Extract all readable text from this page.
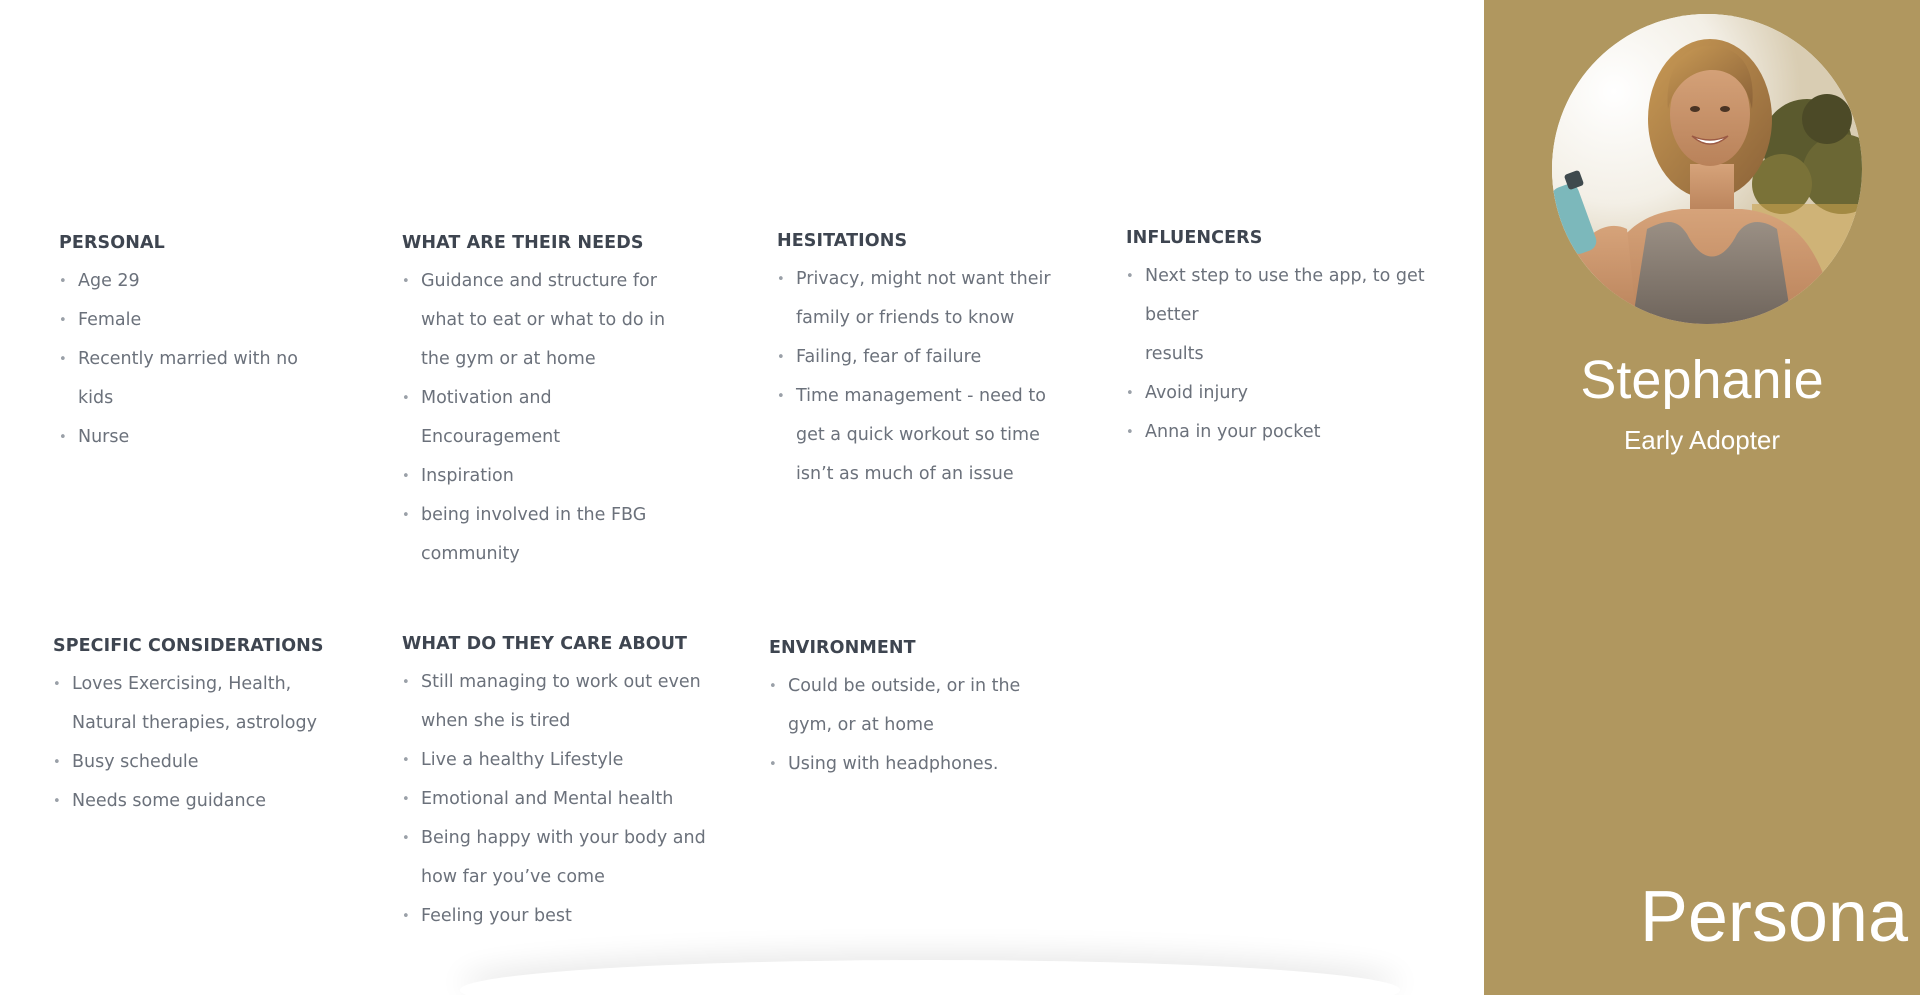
PERSONAL
• Age 29
• Female
• Recently married with no
kids
• Nurse
WHAT ARE THEIR NEEDS
• Guidance and structure for
what to eat or what to do in
the gym or at home
• Motivation and
Encouragement
• Inspiration
• being involved in the FBG
community
HESITATIONS
• Privacy, might not want their
family or friends to know
• Failing, fear of failure
• Time management - need to
get a quick workout so time
isn’t as much of an issue
INFLUENCERS
• Next step to use the app, to get better
results
• Avoid injury
• Anna in your pocket
SPECIFIC CONSIDERATIONS
• Loves Exercising, Health,
Natural therapies, astrology
• Busy schedule
• Needs some guidance
WHAT DO THEY CARE ABOUT
• Still managing to work out even
when she is tired
• Live a healthy Lifestyle
• Emotional and Mental health
• Being happy with your body and
how far you’ve come
• Feeling your best
ENVIRONMENT
• Could be outside, or in the
gym, or at home
• Using with headphones.
Stephanie
Early Adopter
Persona
